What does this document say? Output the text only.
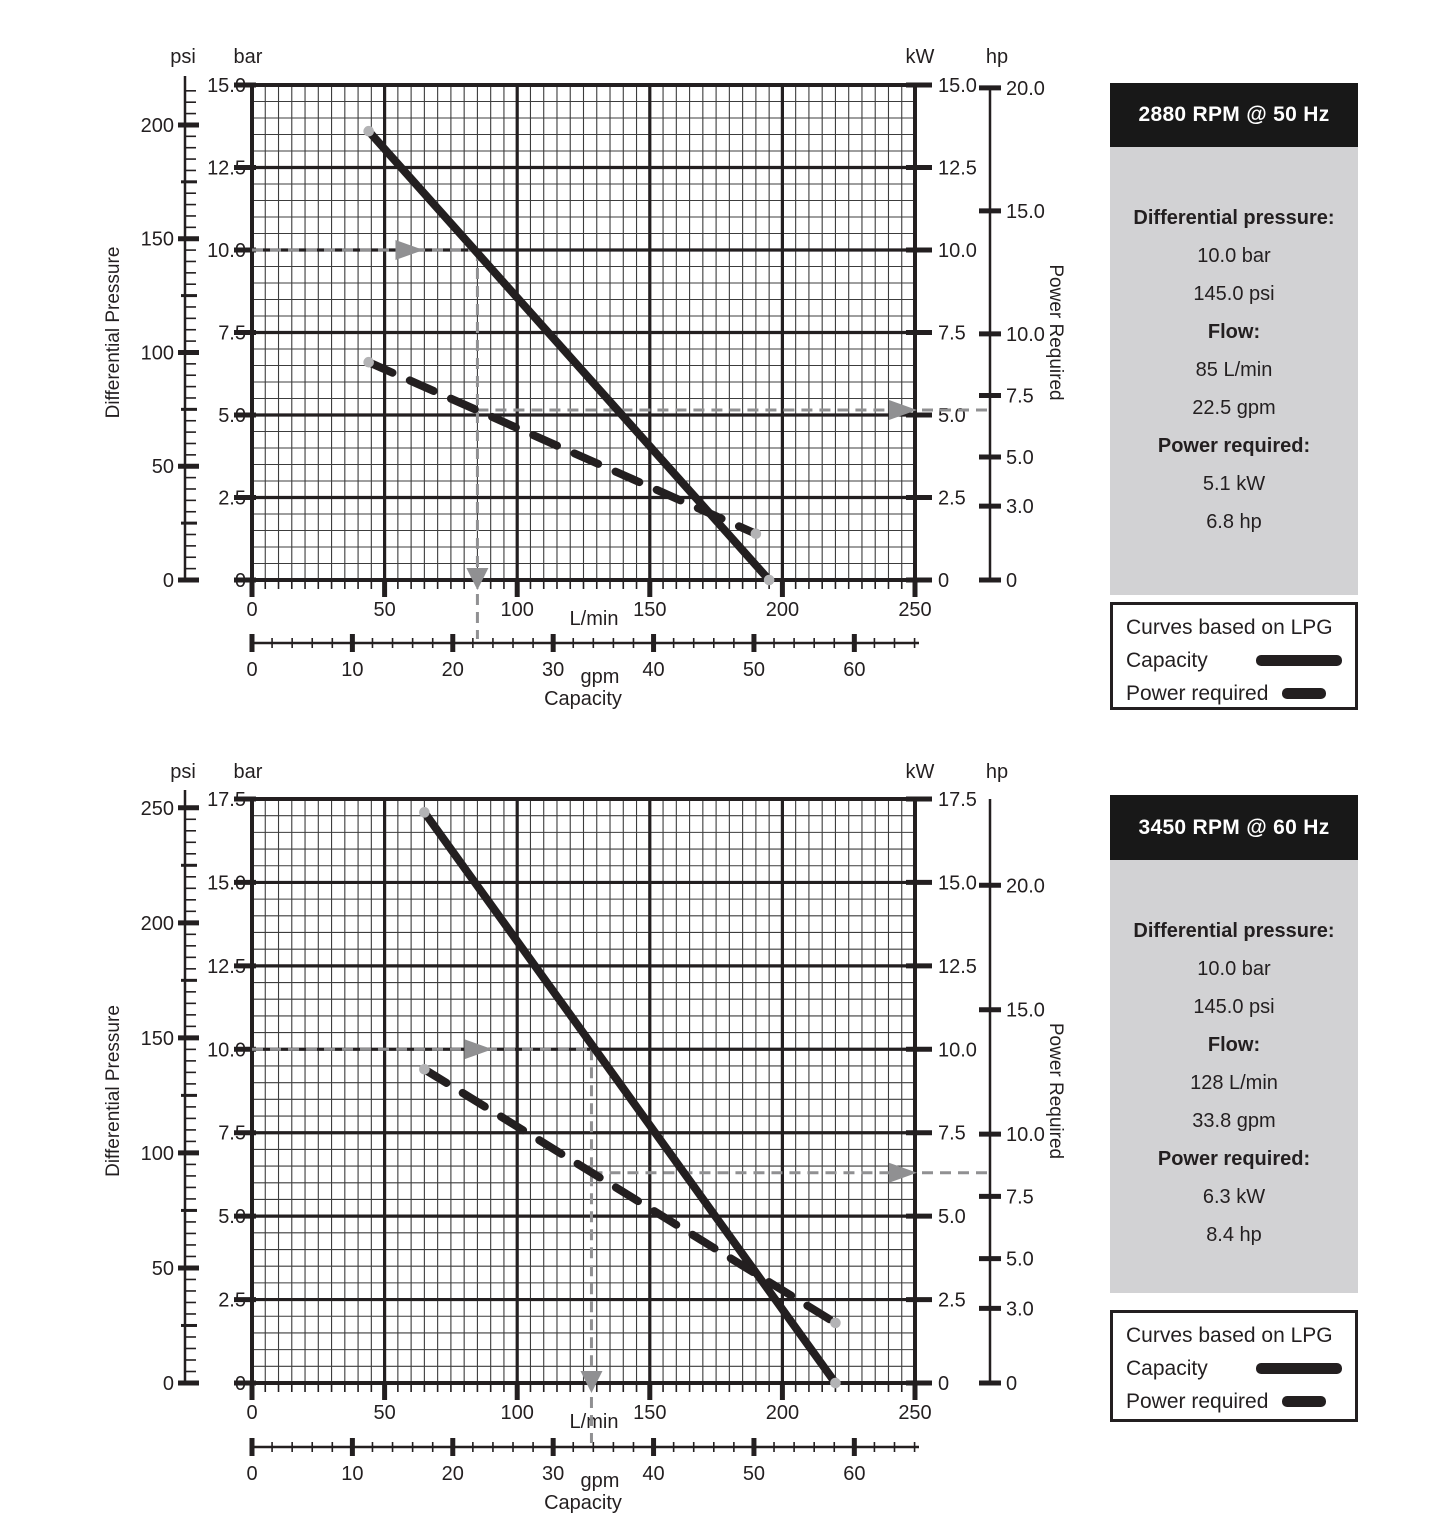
15.0
12.5
10.0
7.5
5.0
2.5
0
15.0
12.5
10.0
7.5
5.0
2.5
0
200
150
100
50
0
20.0
15.0
10.0
7.5
5.0
3.0
0
psi bar	kW	hp
0	50	100	150	200	250
L/min
0	10	20	30	40	50	60
gpm
Capacity
Differential Pressure	Power Required
17.5
15.0
12.5
10.0
7.5
5.0
2.5
0
17.5
15.0
12.5
10.0
7.5
5.0
2.5
0
250
200
150
100
50
0
20.0
15.0
10.0
7.5
5.0
3.0
0
psi bar	kW	hp
0	50	100	150	200	250
L/min
0	10	20	30	40	50	60
gpm
Capacity
Differential Pressure	Power Required
2880 RPM @ 50 Hz
Differential pressure:
10.0 bar
145.0 psi
Flow:
85 L/min
22.5 gpm
Power required:
5.1 kW
6.8 hp
Curves based on LPG
Capacity
Power required
3450 RPM @ 60 Hz
Differential pressure:
10.0 bar
145.0 psi
Flow:
128 L/min
33.8 gpm
Power required:
6.3 kW
8.4 hp
Curves based on LPG
Capacity
Power required
